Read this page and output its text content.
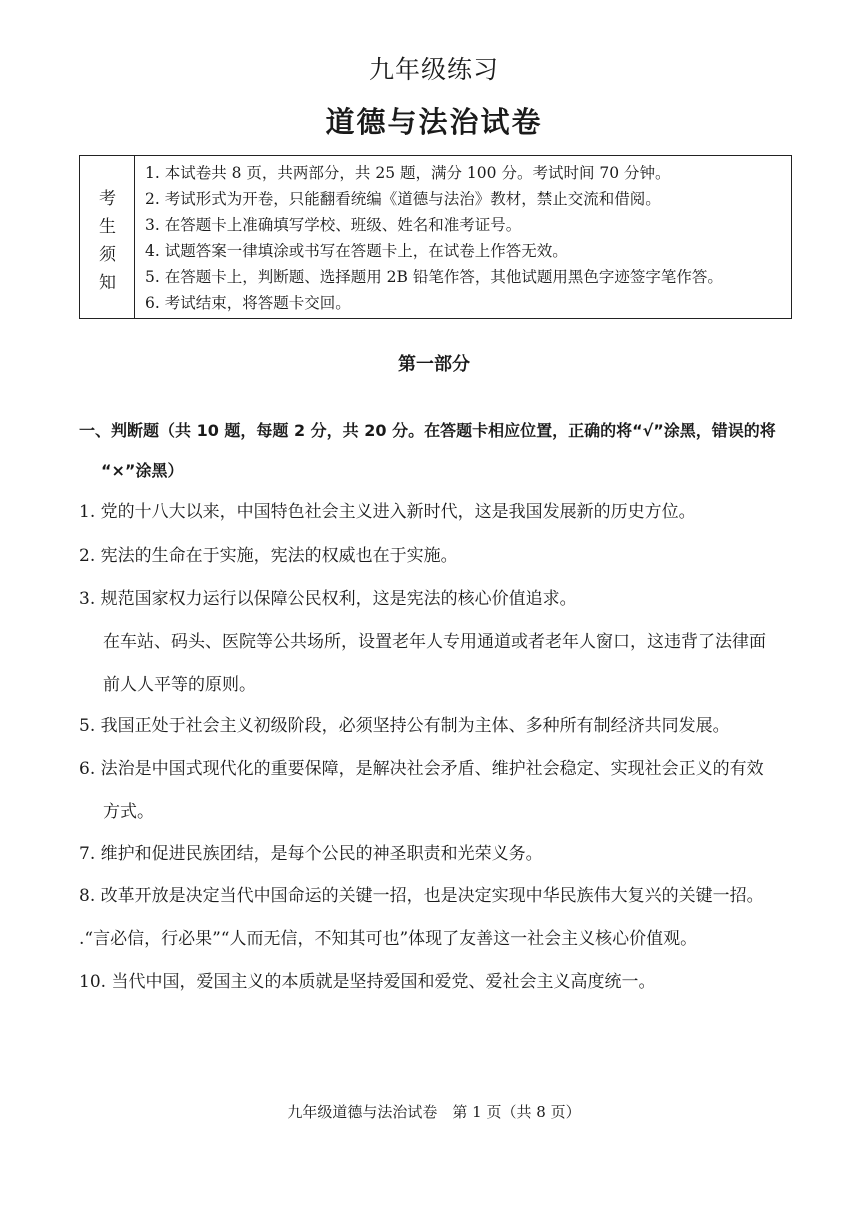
九年级练习
道德与法治试卷
考
生
须
知
1. 本试卷共 8 页，共两部分，共 25 题，满分 100 分。考试时间 70 分钟。
2. 考试形式为开卷，只能翻看统编《道德与法治》教材，禁止交流和借阅。
3. 在答题卡上准确填写学校、班级、姓名和准考证号。
4. 试题答案一律填涂或书写在答题卡上，在试卷上作答无效。
5. 在答题卡上，判断题、选择题用 2B 铅笔作答，其他试题用黑色字迹签字笔作答。
6. 考试结束，将答题卡交回。
第一部分
一、判断题（共 10 题，每题 2 分，共 20 分。在答题卡相应位置，正确的将“√”涂黑，错误的将
“×”涂黑）
1. 党的十八大以来，中国特色社会主义进入新时代，这是我国发展新的历史方位。
2. 宪法的生命在于实施，宪法的权威也在于实施。
3. 规范国家权力运行以保障公民权利，这是宪法的核心价值追求。
在车站、码头、医院等公共场所，设置老年人专用通道或者老年人窗口，这违背了法律面
前人人平等的原则。
5. 我国正处于社会主义初级阶段，必须坚持公有制为主体、多种所有制经济共同发展。
6. 法治是中国式现代化的重要保障，是解决社会矛盾、维护社会稳定、实现社会正义的有效
方式。
7. 维护和促进民族团结，是每个公民的神圣职责和光荣义务。
8. 改革开放是决定当代中国命运的关键一招，也是决定实现中华民族伟大复兴的关键一招。
.“言必信，行必果”“人而无信，不知其可也”体现了友善这一社会主义核心价值观。
10. 当代中国，爱国主义的本质就是坚持爱国和爱党、爱社会主义高度统一。
九年级道德与法治试卷　第 1 页（共 8 页）
